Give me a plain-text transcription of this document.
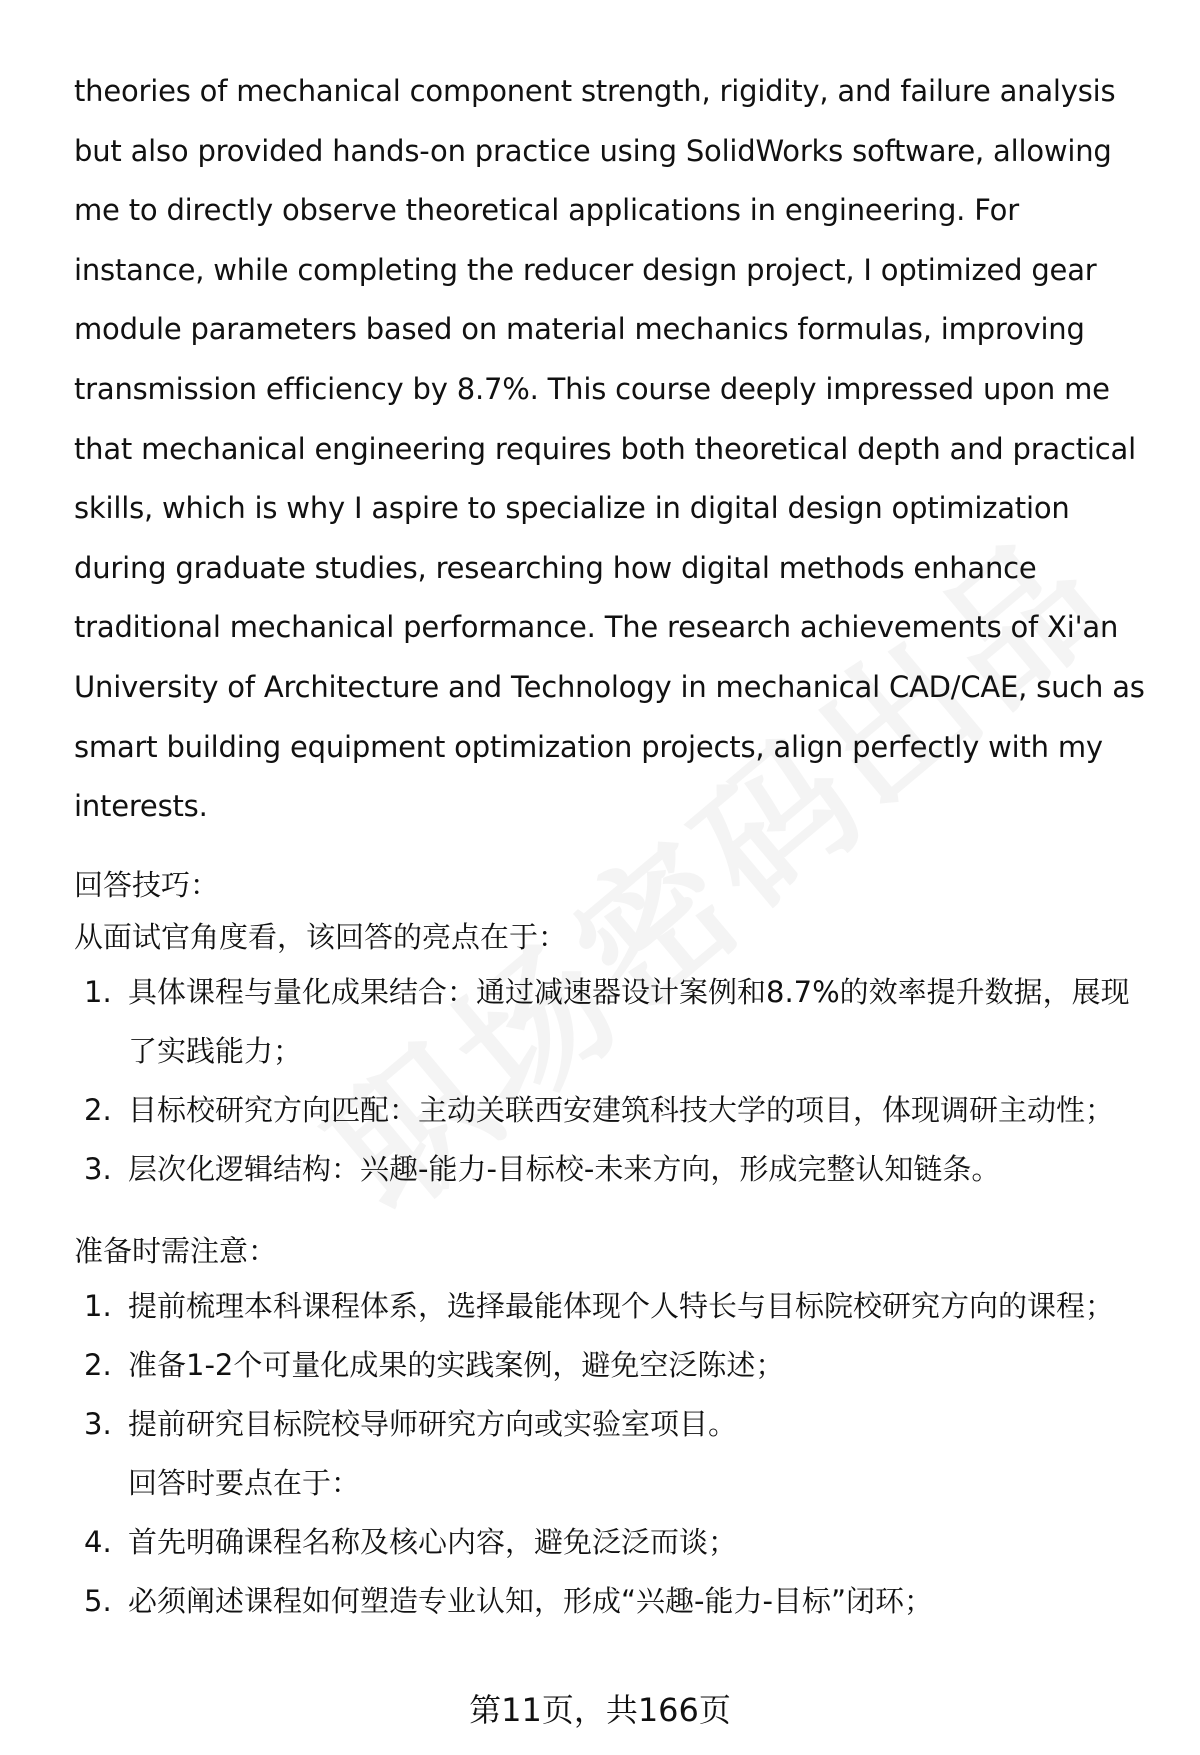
theories of mechanical component strength, rigidity, and failure analysis but also provided hands-on practice using SolidWorks software, allowing me to directly observe theoretical applications in engineering. For instance, while completing the reducer design project, I optimized gear module parameters based on material mechanics formulas, improving transmission efficiency by 8.7%. This course deeply impressed upon me that mechanical engineering requires both theoretical depth and practical skills, which is why I aspire to specialize in digital design optimization during graduate studies, researching how digital methods enhance traditional mechanical performance. The research achievements of Xi'an University of Architecture and Technology in mechanical CAD/CAE, such as smart building equipment optimization projects, align perfectly with my interests.

回答技巧：

从面试官角度看，该回答的亮点在于：

1. 具体课程与量化成果结合：通过减速器设计案例和8.7%的效率提升数据，展现了实践能力；
2. 目标校研究方向匹配：主动关联西安建筑科技大学的项目，体现调研主动性；
3. 层次化逻辑结构：兴趣-能力-目标校-未来方向，形成完整认知链条。

准备时需注意：

1. 提前梳理本科课程体系，选择最能体现个人特长与目标院校研究方向的课程；
2. 准备1-2个可量化成果的实践案例，避免空泛陈述；
3. 提前研究目标院校导师研究方向或实验室项目。

回答时要点在于：

4. 首先明确课程名称及核心内容，避免泛泛而谈；
5. 必须阐述课程如何塑造专业认知，形成“兴趣-能力-目标”闭环；
第11页，共166页
